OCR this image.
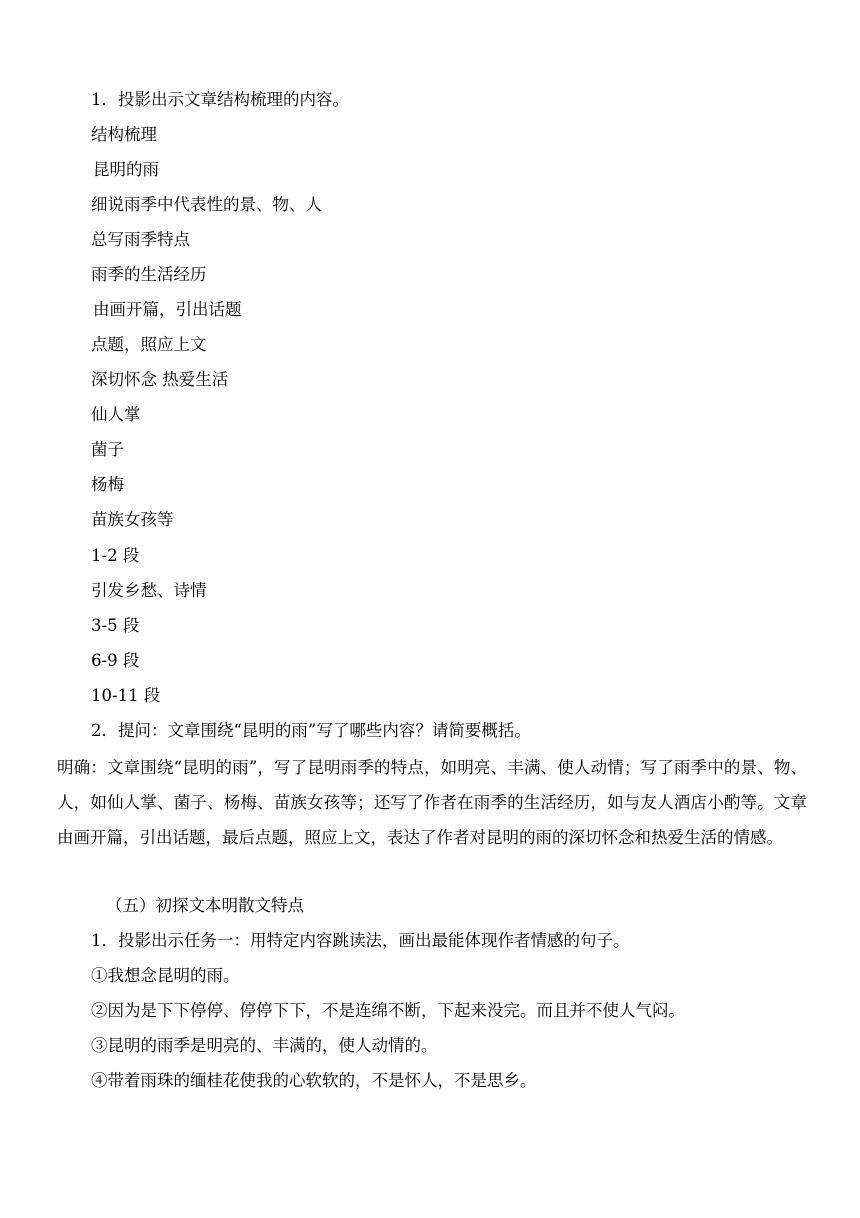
1．投影出示文章结构梳理的内容。
结构梳理
昆明的雨
细说雨季中代表性的景、物、人
总写雨季特点
雨季的生活经历
由画开篇，引出话题
点题，照应上文
深切怀念 热爱生活
仙人掌
菌子
杨梅
苗族女孩等
1-2 段
引发乡愁、诗情
3-5 段
6-9 段
10-11 段
2．提问：文章围绕“昆明的雨”写了哪些内容？请简要概括。
明确：文章围绕“昆明的雨”，写了昆明雨季的特点，如明亮、丰满、使人动情；写了雨季中的景、物、人，如仙人掌、菌子、杨梅、苗族女孩等；还写了作者在雨季的生活经历，如与友人酒店小酌等。文章由画开篇，引出话题，最后点题，照应上文，表达了作者对昆明的雨的深切怀念和热爱生活的情感。
（五）初探文本明散文特点
1．投影出示任务一：用特定内容跳读法，画出最能体现作者情感的句子。
①我想念昆明的雨。
②因为是下下停停、停停下下，不是连绵不断，下起来没完。而且并不使人气闷。
③昆明的雨季是明亮的、丰满的，使人动情的。
④带着雨珠的缅桂花使我的心软软的，不是怀人，不是思乡。
